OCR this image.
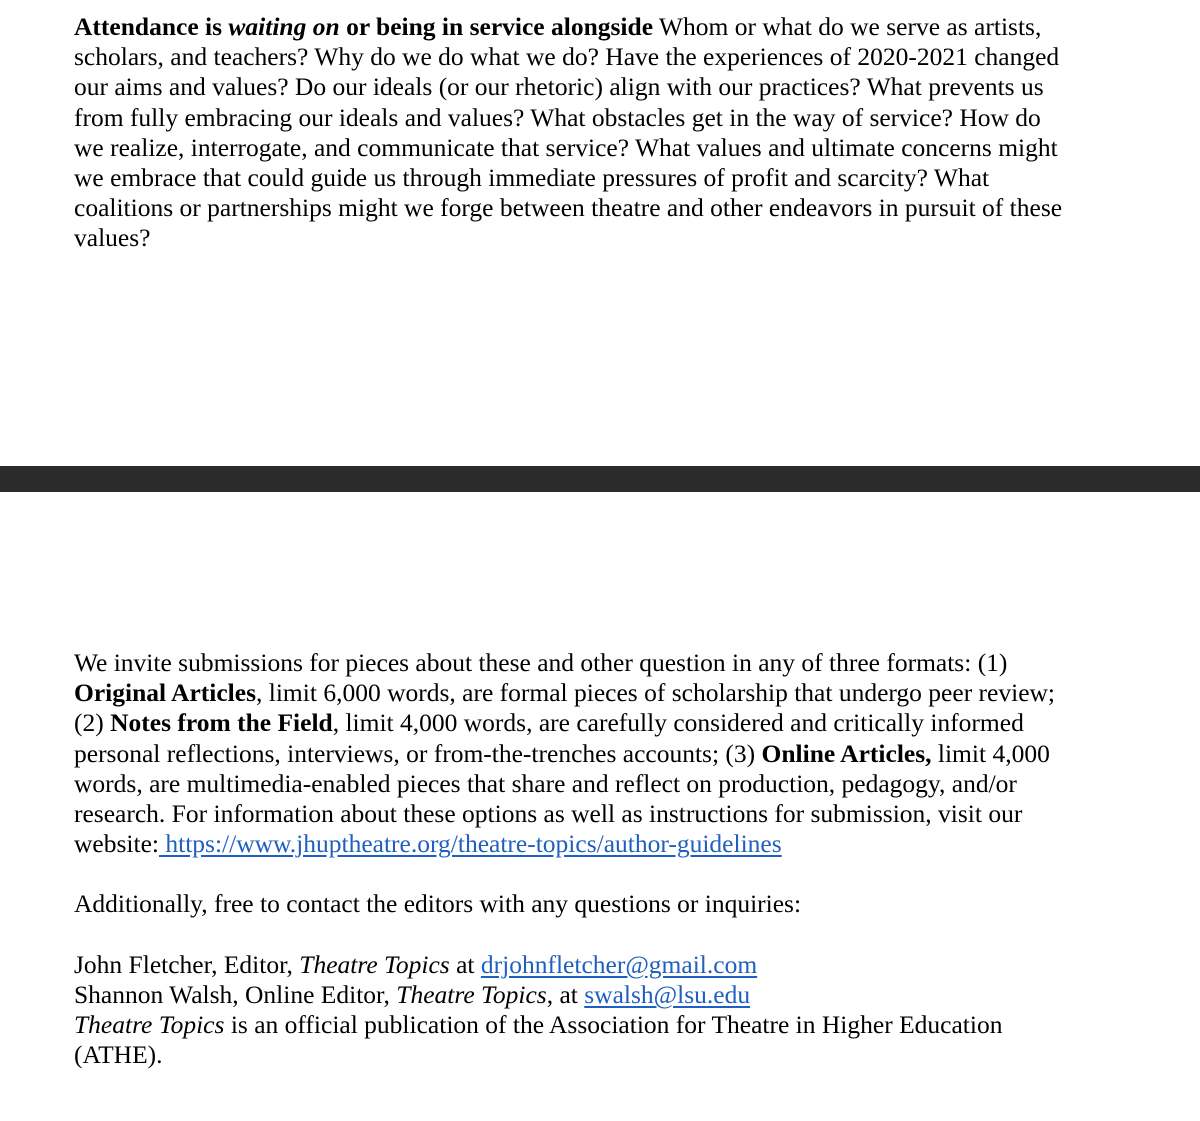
Attendance is waiting on or being in service alongside Whom or what do we serve as artists,
scholars, and teachers? Why do we do what we do? Have the experiences of 2020-2021 changed
our aims and values? Do our ideals (or our rhetoric) align with our practices? What prevents us
from fully embracing our ideals and values? What obstacles get in the way of service? How do
we realize, interrogate, and communicate that service? What values and ultimate concerns might
we embrace that could guide us through immediate pressures of profit and scarcity? What
coalitions or partnerships might we forge between theatre and other endeavors in pursuit of these
values?
We invite submissions for pieces about these and other question in any of three formats: (1)
Original Articles, limit 6,000 words, are formal pieces of scholarship that undergo peer review;
(2) Notes from the Field, limit 4,000 words, are carefully considered and critically informed
personal reflections, interviews, or from-the-trenches accounts; (3) Online Articles, limit 4,000
words, are multimedia-enabled pieces that share and reflect on production, pedagogy, and/or
research. For information about these options as well as instructions for submission, visit our
website: https://www.jhuptheatre.org/theatre-topics/author-guidelines
Additionally, free to contact the editors with any questions or inquiries:
John Fletcher, Editor, Theatre Topics at drjohnfletcher@gmail.com
Shannon Walsh, Online Editor, Theatre Topics, at swalsh@lsu.edu
Theatre Topics is an official publication of the Association for Theatre in Higher Education
(ATHE).
